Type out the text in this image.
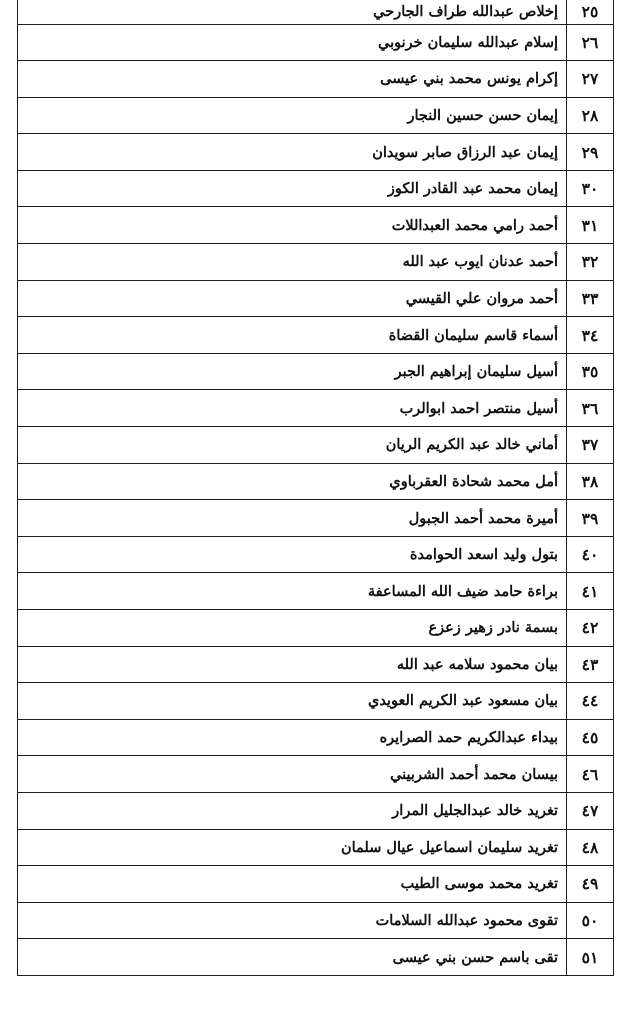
٢٥	إخلاص عبدالله طراف الجارحي
٢٦	إسلام عبدالله سليمان خرنوبي
٢٧	إكرام يونس محمد بني عيسى
٢٨	إيمان حسن حسين النجار
٢٩	إيمان عبد الرزاق صابر سويدان
٣٠	إيمان محمد عبد القادر الكوز
٣١	أحمد رامي محمد العبداللات
٣٢	أحمد عدنان ايوب عبد الله
٣٣	أحمد مروان علي القيسي
٣٤	أسماء قاسم سليمان القضاة
٣٥	أسيل سليمان إبراهيم الجبر
٣٦	أسيل منتصر احمد ابوالرب
٣٧	أماني خالد عبد الكريم الريان
٣٨	أمل محمد شحادة العقرباوي
٣٩	أميرة محمد أحمد الجبول
٤٠	بتول وليد اسعد الحوامدة
٤١	براءة حامد ضيف الله المساعفة
٤٢	بسمة نادر زهير زعزع
٤٣	بيان محمود سلامه عبد الله
٤٤	بيان مسعود عبد الكريم العويدي
٤٥	بيداء عبدالكريم حمد الصرايره
٤٦	بيسان محمد أحمد الشربيني
٤٧	تغريد خالد عبدالجليل المرار
٤٨	تغريد سليمان اسماعيل عيال سلمان
٤٩	تغريد محمد موسى الطيب
٥٠	تقوى محمود عبدالله السلامات
٥١	تقى باسم حسن بني عيسى
